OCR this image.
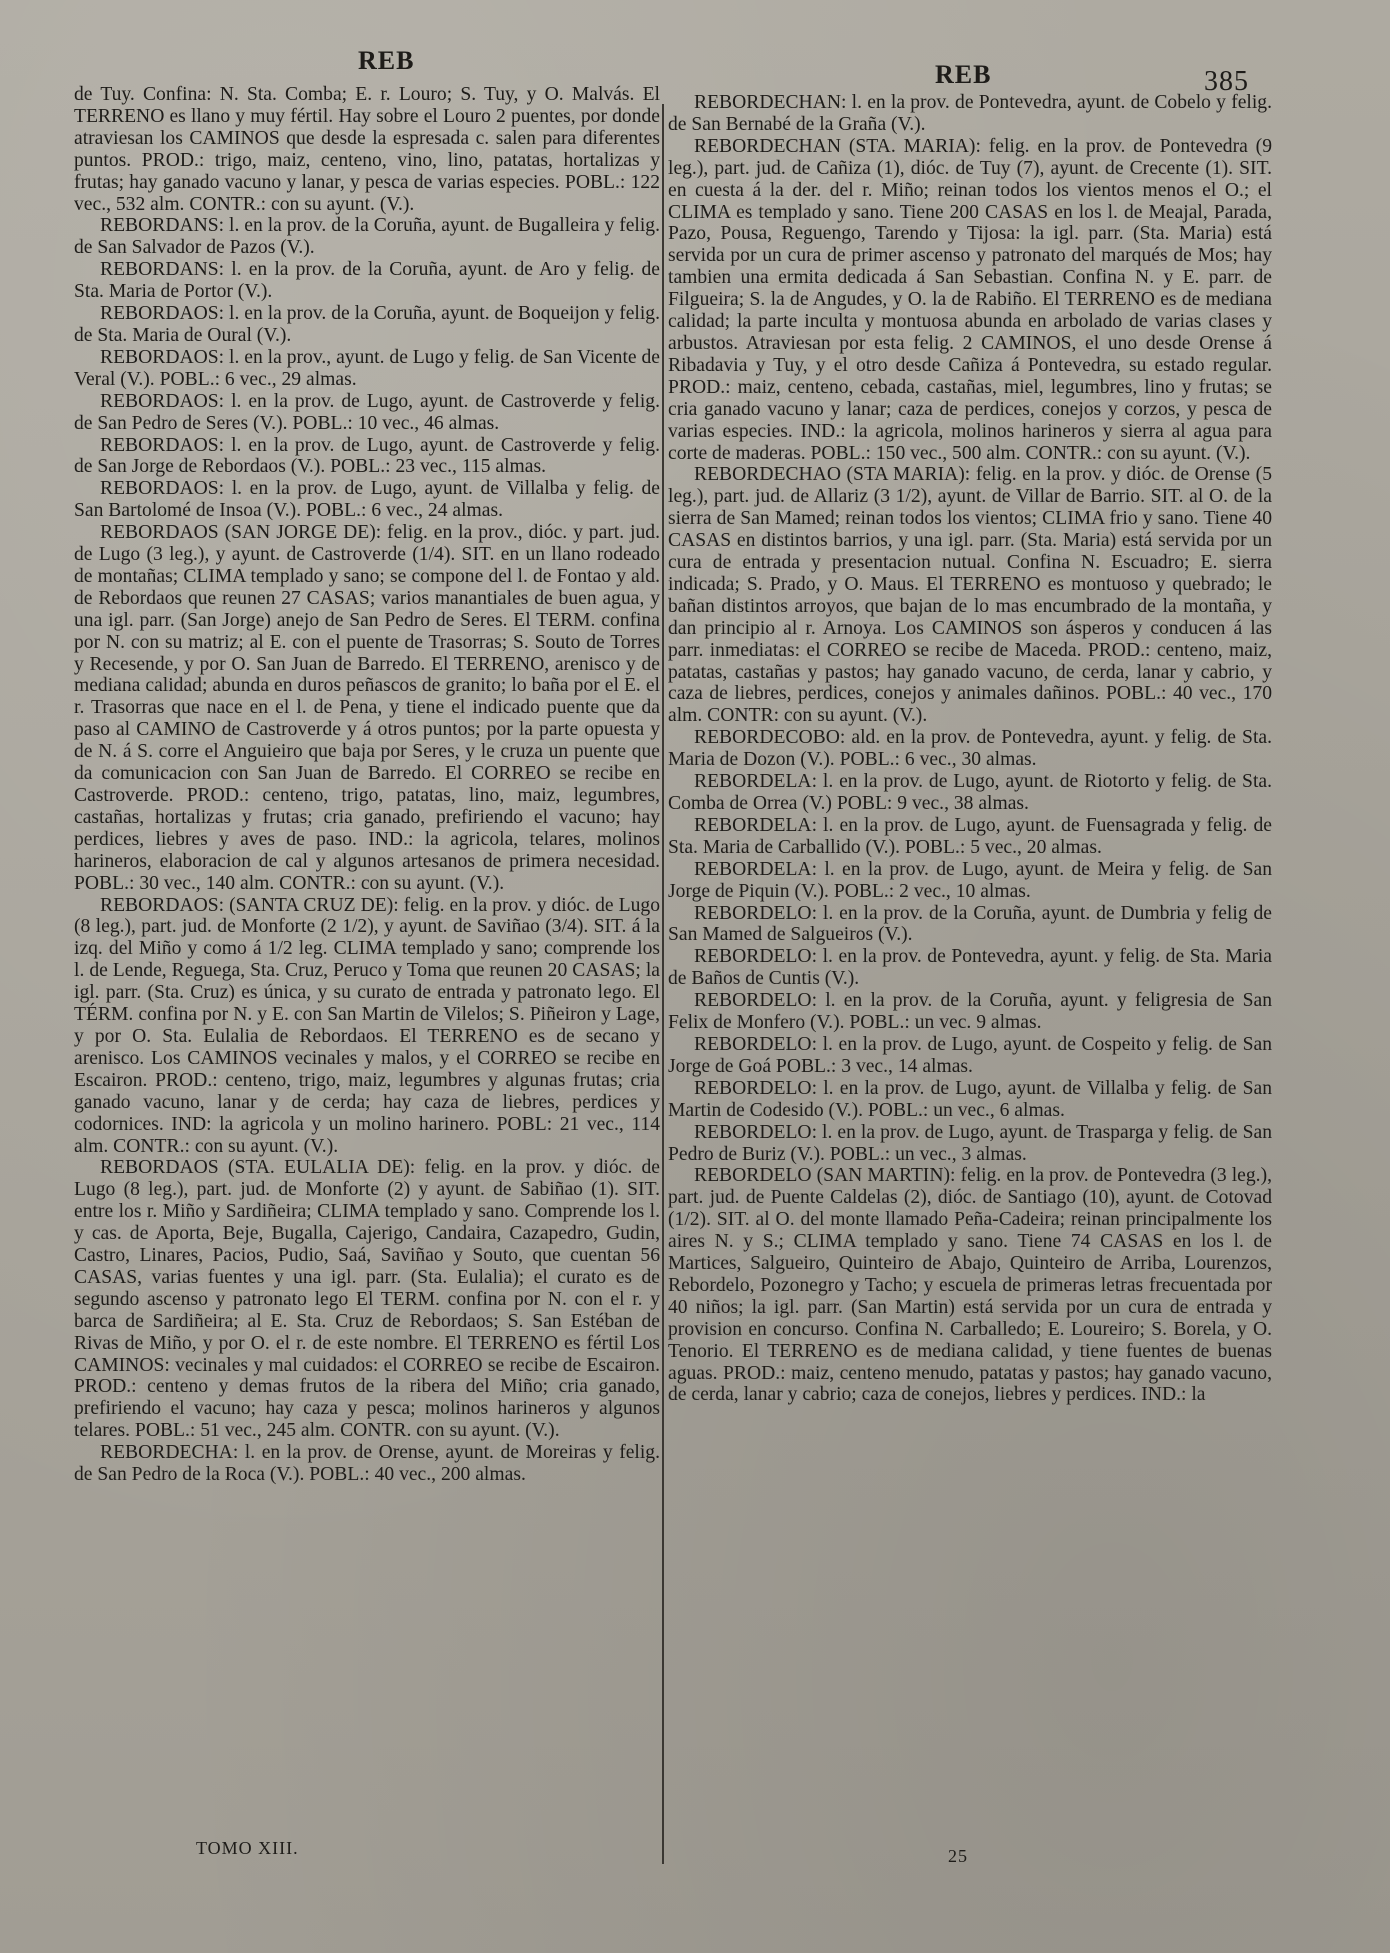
REB	REB	385

de Tuy. Confina: N. Sta. Comba; E. r. Louro; S. Tuy, y O. Malvás. El TERRENO es llano y muy fértil. Hay sobre el Louro 2 puentes, por donde atraviesan los CAMINOS que desde la espresada c. salen para diferentes puntos. PROD.: trigo, maiz, centeno, vino, lino, patatas, hortalizas y frutas; hay ganado vacuno y lanar, y pesca de varias especies. POBL.: 122 vec., 532 alm. CONTR.: con su ayunt. (V.).

REBORDANS: l. en la prov. de la Coruña, ayunt. de Bugalleira y felig. de San Salvador de Pazos (V.).

REBORDANS: l. en la prov. de la Coruña, ayunt. de Aro y felig. de Sta. Maria de Portor (V.).

REBORDAOS: l. en la prov. de la Coruña, ayunt. de Boqueijon y felig. de Sta. Maria de Oural (V.).

REBORDAOS: l. en la prov., ayunt. de Lugo y felig. de San Vicente de Veral (V.). POBL.: 6 vec., 29 almas.

REBORDAOS: l. en la prov. de Lugo, ayunt. de Castroverde y felig. de San Pedro de Seres (V.). POBL.: 10 vec., 46 almas.

REBORDAOS: l. en la prov. de Lugo, ayunt. de Castroverde y felig. de San Jorge de Rebordaos (V.). POBL.: 23 vec., 115 almas.

REBORDAOS: l. en la prov. de Lugo, ayunt. de Villalba y felig. de San Bartolomé de Insoa (V.). POBL.: 6 vec., 24 almas.

REBORDAOS (SAN JORGE DE): felig. en la prov., dióc. y part. jud. de Lugo (3 leg.), y ayunt. de Castroverde (1/4). SIT. en un llano rodeado de montañas; CLIMA templado y sano; se compone del l. de Fontao y ald. de Rebordaos que reunen 27 CASAS; varios manantiales de buen agua, y una igl. parr. (San Jorge) anejo de San Pedro de Seres. El TERM. confina por N. con su matriz; al E. con el puente de Trasorras; S. Souto de Torres y Recesende, y por O. San Juan de Barredo. El TERRENO, arenisco y de mediana calidad; abunda en duros peñascos de granito; lo baña por el E. el r. Trasorras que nace en el l. de Pena, y tiene el indicado puente que da paso al CAMINO de Castroverde y á otros puntos; por la parte opuesta y de N. á S. corre el Anguieiro que baja por Seres, y le cruza un puente que da comunicacion con San Juan de Barredo. El CORREO se recibe en Castroverde. PROD.: centeno, trigo, patatas, lino, maiz, legumbres, castañas, hortalizas y frutas; cria ganado, prefiriendo el vacuno; hay perdices, liebres y aves de paso. IND.: la agricola, telares, molinos harineros, elaboracion de cal y algunos artesanos de primera necesidad. POBL.: 30 vec., 140 alm. CONTR.: con su ayunt. (V.).

REBORDAOS: (SANTA CRUZ DE): felig. en la prov. y dióc. de Lugo (8 leg.), part. jud. de Monforte (2 1/2), y ayunt. de Saviñao (3/4). SIT. á la izq. del Miño y como á 1/2 leg. CLIMA templado y sano; comprende los l. de Lende, Reguega, Sta. Cruz, Peruco y Toma que reunen 20 CASAS; la igl. parr. (Sta. Cruz) es única, y su curato de entrada y patronato lego. El TÉRM. confina por N. y E. con San Martin de Vilelos; S. Piñeiron y Lage, y por O. Sta. Eulalia de Rebordaos. El TERRENO es de secano y arenisco. Los CAMINOS vecinales y malos, y el CORREO se recibe en Escairon. PROD.: centeno, trigo, maiz, legumbres y algunas frutas; cria ganado vacuno, lanar y de cerda; hay caza de liebres, perdices y codornices. IND: la agricola y un molino harinero. POBL: 21 vec., 114 alm. CONTR.: con su ayunt. (V.).

REBORDAOS (STA. EULALIA DE): felig. en la prov. y dióc. de Lugo (8 leg.), part. jud. de Monforte (2) y ayunt. de Sabiñao (1). SIT. entre los r. Miño y Sardiñeira; CLIMA templado y sano. Comprende los l. y cas. de Aporta, Beje, Bugalla, Cajerigo, Candaira, Cazapedro, Gudin, Castro, Linares, Pacios, Pudio, Saá, Saviñao y Souto, que cuentan 56 CASAS, varias fuentes y una igl. parr. (Sta. Eulalia); el curato es de segundo ascenso y patronato lego El TERM. confina por N. con el r. y barca de Sardiñeira; al E. Sta. Cruz de Rebordaos; S. San Estéban de Rivas de Miño, y por O. el r. de este nombre. El TERRENO es fértil Los CAMINOS: vecinales y mal cuidados: el CORREO se recibe de Escairon. PROD.: centeno y demas frutos de la ribera del Miño; cria ganado, prefiriendo el vacuno; hay caza y pesca; molinos harineros y algunos telares. POBL.: 51 vec., 245 alm. CONTR. con su ayunt. (V.).

REBORDECHA: l. en la prov. de Orense, ayunt. de Moreiras y felig. de San Pedro de la Roca (V.). POBL.: 40 vec., 200 almas.

REBORDECHAN: l. en la prov. de Pontevedra, ayunt. de Cobelo y felig. de San Bernabé de la Graña (V.).

REBORDECHAN (STA. MARIA): felig. en la prov. de Pontevedra (9 leg.), part. jud. de Cañiza (1), dióc. de Tuy (7), ayunt. de Crecente (1). SIT. en cuesta á la der. del r. Miño; reinan todos los vientos menos el O.; el CLIMA es templado y sano. Tiene 200 CASAS en los l. de Meajal, Parada, Pazo, Pousa, Reguengo, Tarendo y Tijosa: la igl. parr. (Sta. Maria) está servida por un cura de primer ascenso y patronato del marqués de Mos; hay tambien una ermita dedicada á San Sebastian. Confina N. y E. parr. de Filgueira; S. la de Angudes, y O. la de Rabiño. El TERRENO es de mediana calidad; la parte inculta y montuosa abunda en arbolado de varias clases y arbustos. Atraviesan por esta felig. 2 CAMINOS, el uno desde Orense á Ribadavia y Tuy, y el otro desde Cañiza á Pontevedra, su estado regular. PROD.: maiz, centeno, cebada, castañas, miel, legumbres, lino y frutas; se cria ganado vacuno y lanar; caza de perdices, conejos y corzos, y pesca de varias especies. IND.: la agricola, molinos harineros y sierra al agua para corte de maderas. POBL.: 150 vec., 500 alm. CONTR.: con su ayunt. (V.).

REBORDECHAO (STA MARIA): felig. en la prov. y dióc. de Orense (5 leg.), part. jud. de Allariz (3 1/2), ayunt. de Villar de Barrio. SIT. al O. de la sierra de San Mamed; reinan todos los vientos; CLIMA frio y sano. Tiene 40 CASAS en distintos barrios, y una igl. parr. (Sta. Maria) está servida por un cura de entrada y presentacion nutual. Confina N. Escuadro; E. sierra indicada; S. Prado, y O. Maus. El TERRENO es montuoso y quebrado; le bañan distintos arroyos, que bajan de lo mas encumbrado de la montaña, y dan principio al r. Arnoya. Los CAMINOS son ásperos y conducen á las parr. inmediatas: el CORREO se recibe de Maceda. PROD.: centeno, maiz, patatas, castañas y pastos; hay ganado vacuno, de cerda, lanar y cabrio, y caza de liebres, perdices, conejos y animales dañinos. POBL.: 40 vec., 170 alm. CONTR: con su ayunt. (V.).

REBORDECOBO: ald. en la prov. de Pontevedra, ayunt. y felig. de Sta. Maria de Dozon (V.). POBL.: 6 vec., 30 almas.

REBORDELA: l. en la prov. de Lugo, ayunt. de Riotorto y felig. de Sta. Comba de Orrea (V.) POBL: 9 vec., 38 almas.

REBORDELA: l. en la prov. de Lugo, ayunt. de Fuensagrada y felig. de Sta. Maria de Carballido (V.). POBL.: 5 vec., 20 almas.

REBORDELA: l. en la prov. de Lugo, ayunt. de Meira y felig. de San Jorge de Piquin (V.). POBL.: 2 vec., 10 almas.

REBORDELO: l. en la prov. de la Coruña, ayunt. de Dumbria y felig de San Mamed de Salgueiros (V.).

REBORDELO: l. en la prov. de Pontevedra, ayunt. y felig. de Sta. Maria de Baños de Cuntis (V.).

REBORDELO: l. en la prov. de la Coruña, ayunt. y feligresia de San Felix de Monfero (V.). POBL.: un vec. 9 almas.

REBORDELO: l. en la prov. de Lugo, ayunt. de Cospeito y felig. de San Jorge de Goá POBL.: 3 vec., 14 almas.

REBORDELO: l. en la prov. de Lugo, ayunt. de Villalba y felig. de San Martin de Codesido (V.). POBL.: un vec., 6 almas.

REBORDELO: l. en la prov. de Lugo, ayunt. de Trasparga y felig. de San Pedro de Buriz (V.). POBL.: un vec., 3 almas.

REBORDELO (SAN MARTIN): felig. en la prov. de Pontevedra (3 leg.), part. jud. de Puente Caldelas (2), dióc. de Santiago (10), ayunt. de Cotovad (1/2). SIT. al O. del monte llamado Peña-Cadeira; reinan principalmente los aires N. y S.; CLIMA templado y sano. Tiene 74 CASAS en los l. de Martices, Salgueiro, Quinteiro de Abajo, Quinteiro de Arriba, Lourenzos, Rebordelo, Pozonegro y Tacho; y escuela de primeras letras frecuentada por 40 niños; la igl. parr. (San Martin) está servida por un cura de entrada y provision en concurso. Confina N. Carballedo; E. Loureiro; S. Borela, y O. Tenorio. El TERRENO es de mediana calidad, y tiene fuentes de buenas aguas. PROD.: maiz, centeno menudo, patatas y pastos; hay ganado vacuno, de cerda, lanar y cabrio; caza de conejos, liebres y perdices. IND.: la

TOMO XIII.	25
